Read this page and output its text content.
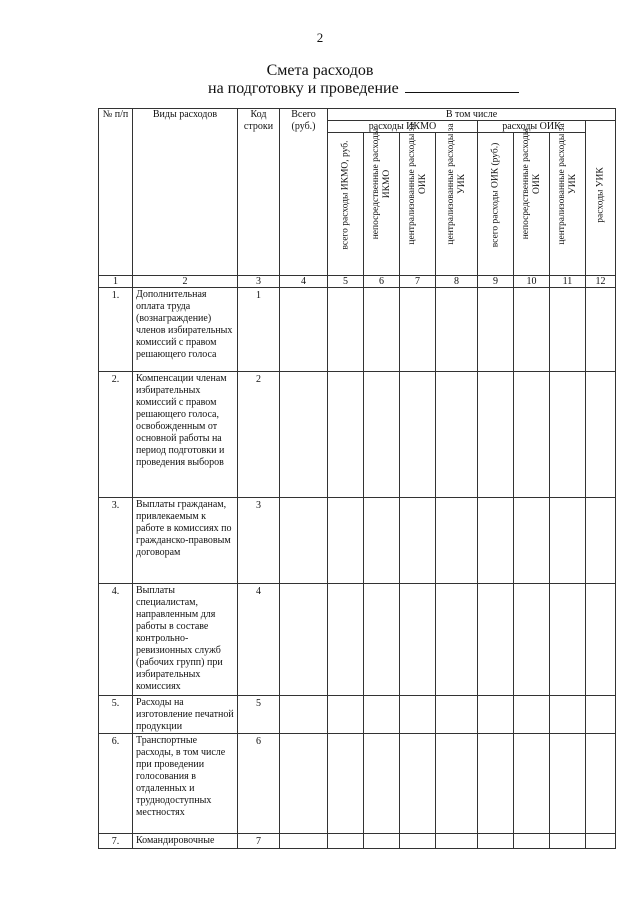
2
Смета расходов
на подготовку и проведение
№ п/п	Виды расходов	Код строки	Всего (руб.)	В том числе							
				расходы ИКМО				расходы ОИК			расходы УИК

				всего расходы ИКМО, руб.	непосредственные расходы ИКМО	централизованные расходы за ОИК	централизованные расходы за УИК	всего расходы ОИК (руб.)	непосредственные расходы ОИК	централизованные расходы за УИК	

1	2	3	4	5	6	7	8	9	10	11	12
1.	Дополнительная оплата труда (вознаграждение) членов избирательных комиссий с правом решающего голоса	1									
2.	Компенсации членам избирательных комиссий с правом решающего голоса, освобожденным от основной работы на период подготовки и проведения выборов	2									
3.	Выплаты гражданам, привлекаемым к работе в комиссиях по гражданско-правовым договорам	3									
4.	Выплаты специалистам, направленным для работы в составе контрольно-ревизионных служб (рабочих групп) при избирательных комиссиях	4									
5.	Расходы на изготовление печатной продукции	5									
6.	Транспортные расходы, в том числе при проведении голосования в отдаленных и труднодоступных местностях	6									
7.	Командировочные	7									
